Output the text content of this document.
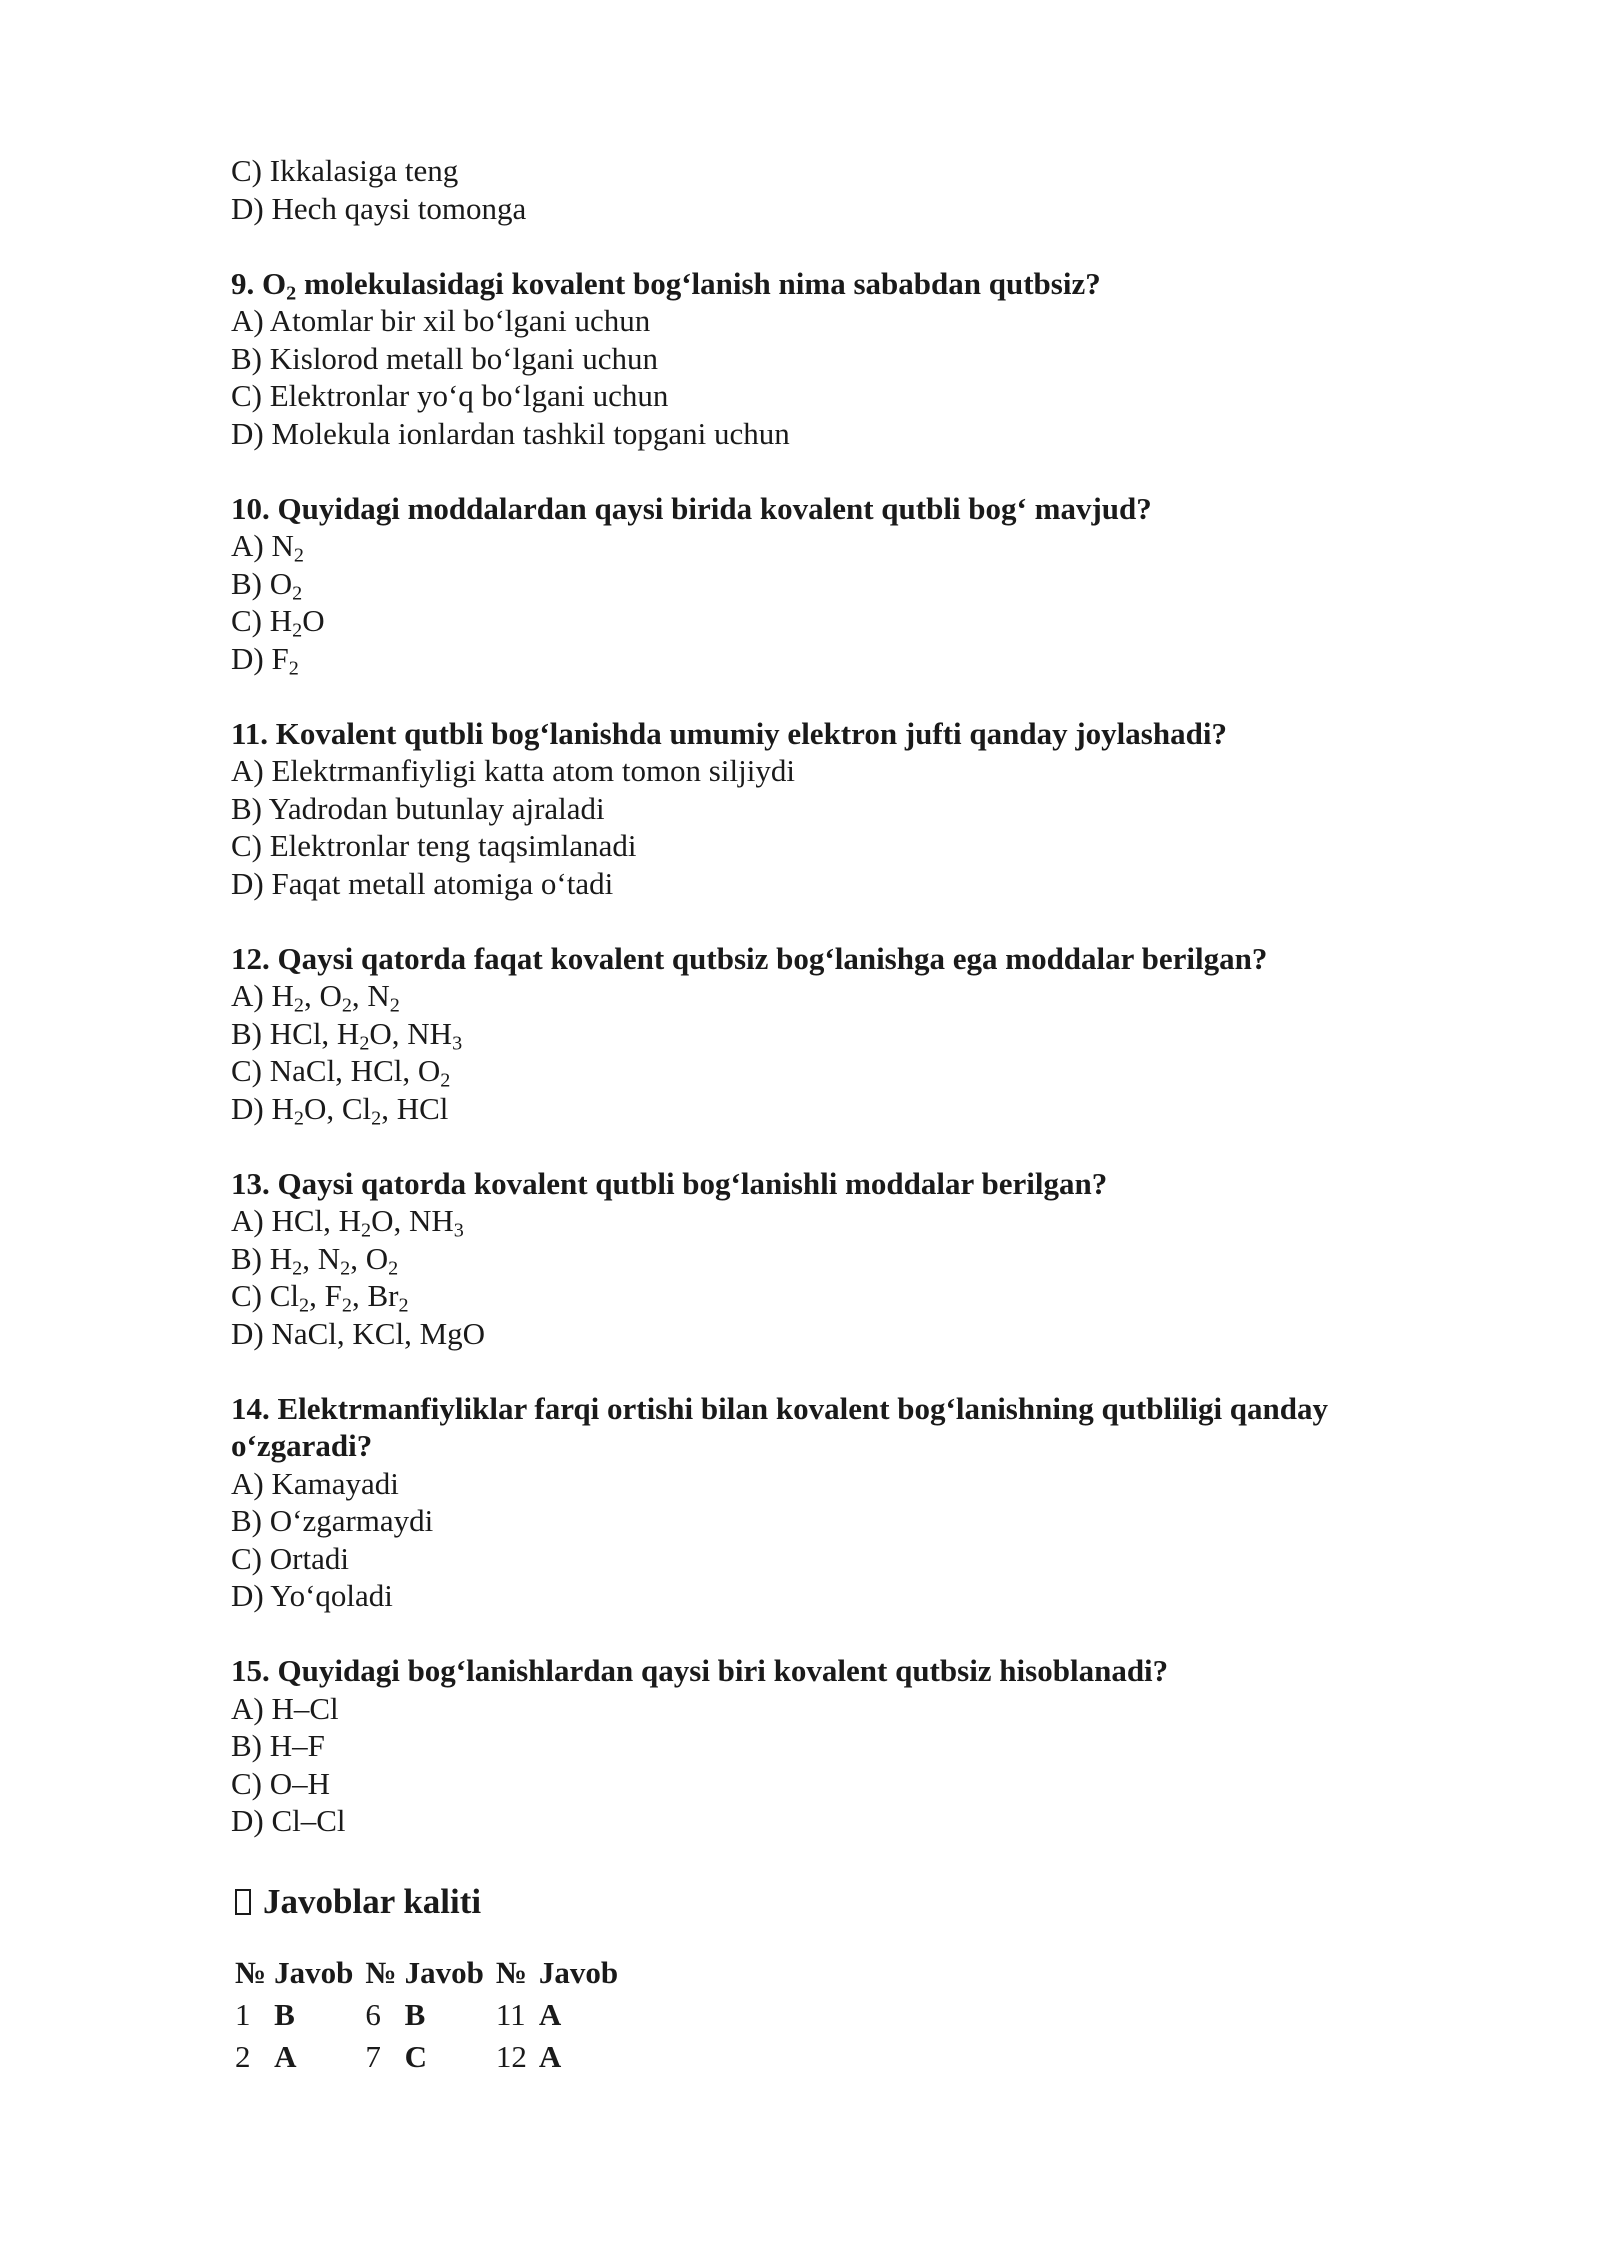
C) Ikkalasiga teng
D) Hech qaysi tomonga
9. $O_2$ molekulasidagi kovalent bog‘lanish nima sababdan qutbsiz?
A) Atomlar bir xil bo‘lgani uchun
B) Kislorod metall bo‘lgani uchun
C) Elektronlar yo‘q bo‘lgani uchun
D) Molekula ionlardan tashkil topgani uchun
10. Quyidagi moddalardan qaysi birida kovalent qutbli bog‘ mavjud?
A) $N_2$
B) $O_2$
C) $H_2O$
D) $F_2$
11. Kovalent qutbli bog‘lanishda umumiy elektron jufti qanday joylashadi?
A) Elektrmanfiyligi katta atom tomon siljiydi
B) Yadrodan butunlay ajraladi
C) Elektronlar teng taqsimlanadi
D) Faqat metall atomiga o‘tadi
12. Qaysi qatorda faqat kovalent qutbsiz bog‘lanishga ega moddalar berilgan?
A) $H_2$, $O_2$, $N_2$
B) HCl, $H_2O$, $NH_3$
C) NaCl, HCl, $O_2$
D) $H_2O$, $Cl_2$, HCl
13. Qaysi qatorda kovalent qutbli bog‘lanishli moddalar berilgan?
A) HCl, $H_2O$, $NH_3$
B) $H_2$, $N_2$, $O_2$
C) $Cl_2$, $F_2$, $Br_2$
D) NaCl, KCl, MgO
14. Elektrmanfiyliklar farqi ortishi bilan kovalent bog‘lanishning qutbliligi qanday o‘zgaradi?
A) Kamayadi
B) O‘zgarmaydi
C) Ortadi
D) Yo‘qoladi
15. Quyidagi bog‘lanishlardan qaysi biri kovalent qutbsiz hisoblanadi?
A) H–Cl
B) H–F
C) O–H
D) Cl–Cl
Javoblar kaliti
№	Javob	№	Javob	№	Javob
1	B	6	B	11	A
2	A	7	C	12	A
